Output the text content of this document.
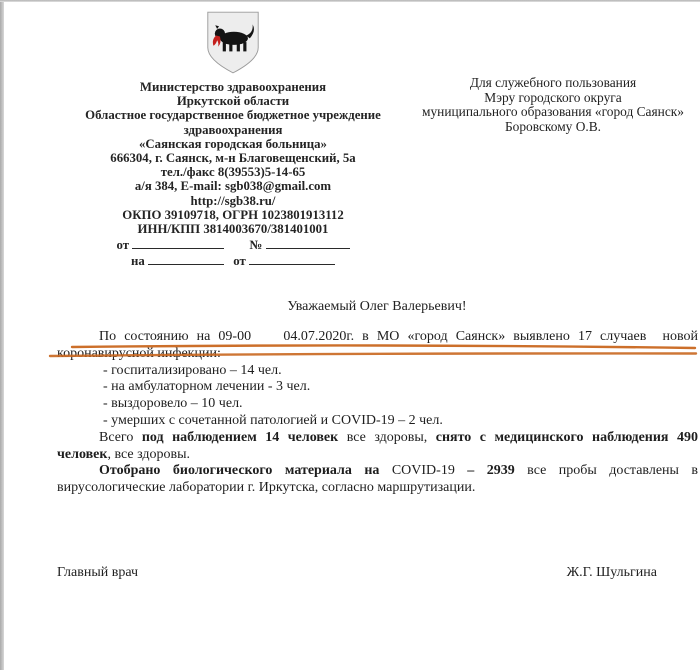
Министерство здравоохранения
Иркутской области
Областное государственное бюджетное учреждение
здравоохранения
«Саянская городская больница»
666304, г. Саянск, м-н Благовещенский, 5а
тел./факс 8(39553)5-14-65
а/я 384, E-mail: sgb038@gmail.com
http://sgb38.ru/
ОКПО 39109718, ОГРН 1023801913112
ИНН/КПП 3814003670/381401001
от	№
на	от
Для служебного пользования
Мэру городского округа
муниципального образования «город Саянск»
Боровскому О.В.
Уважаемый Олег Валерьевич!

По состоянию на 09-00    04.07.2020г. в МО «город Саянск» выявлено 17 случаев  новой коронавирусной инфекции:

- госпитализировано – 14 чел.
- на амбулаторном лечении - 3 чел.
- выздоровело – 10 чел.
- умерших с сочетанной патологией и COVID-19 – 2 чел.

Всего под наблюдением 14 человек все здоровы, снято с медицинского наблюдения 490 человек, все здоровы.

Отобрано биологического материала на COVID-19 – 2939 все пробы доставлены в вирусологические лаборатории г. Иркутска, согласно маршрутизации.

Главный врач	Ж.Г. Шульгина
